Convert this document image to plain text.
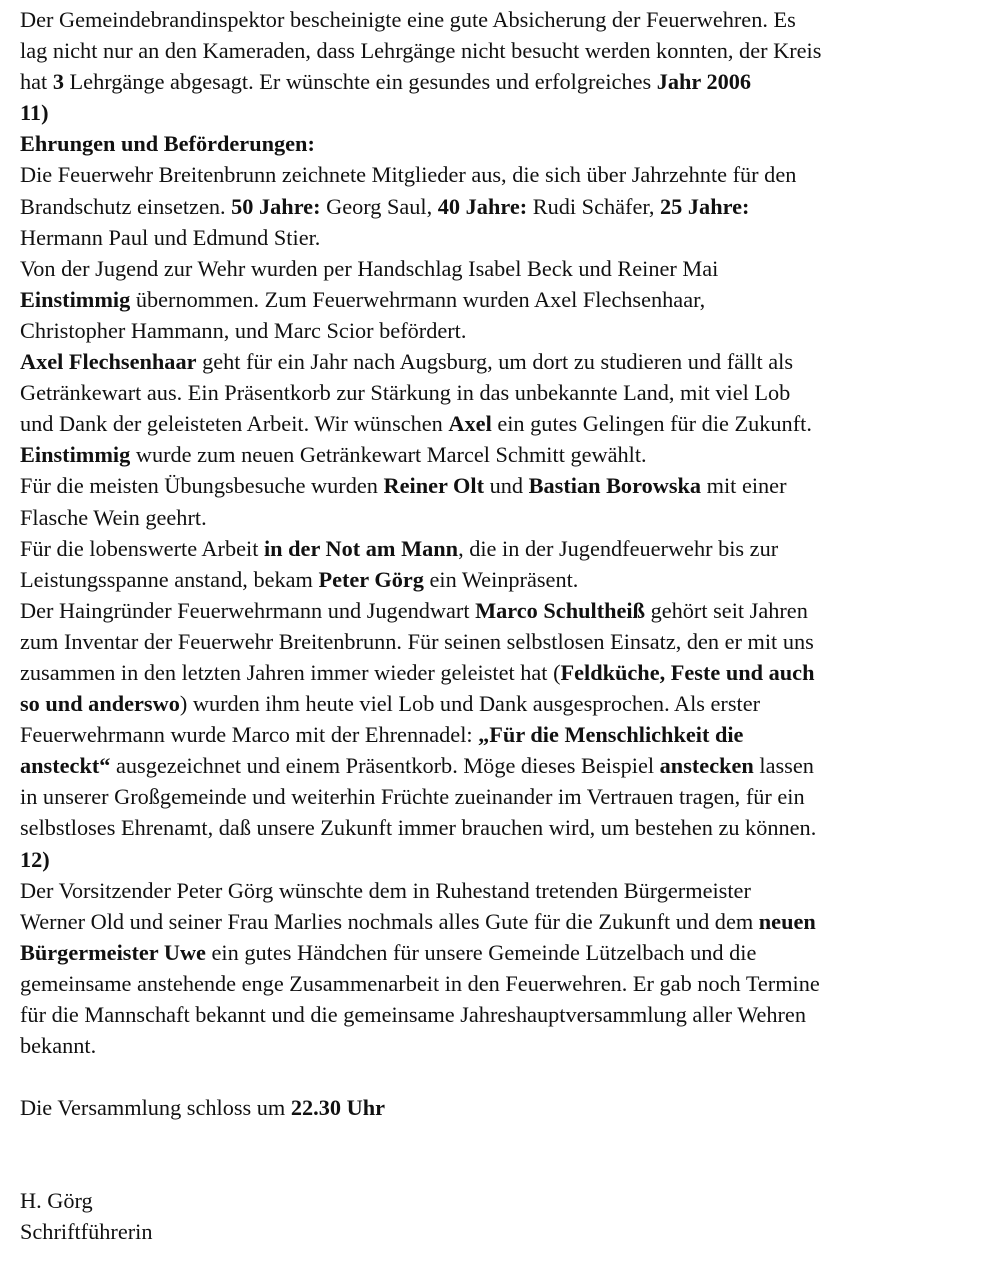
Der Gemeindebrandinspektor bescheinigte eine gute Absicherung der Feuerwehren. Es
lag nicht nur an den Kameraden, dass Lehrgänge nicht besucht werden konnten, der Kreis
hat 3 Lehrgänge abgesagt. Er wünschte ein gesundes und erfolgreiches Jahr 2006
11)
Ehrungen und Beförderungen:
Die Feuerwehr Breitenbrunn zeichnete Mitglieder aus, die sich über Jahrzehnte für den
Brandschutz einsetzen. 50 Jahre: Georg Saul, 40 Jahre: Rudi Schäfer, 25 Jahre:
Hermann Paul und Edmund Stier.
Von der Jugend zur Wehr wurden per Handschlag Isabel Beck und Reiner Mai
Einstimmig übernommen. Zum Feuerwehrmann wurden Axel Flechsenhaar,
Christopher Hammann, und Marc Scior befördert.
Axel Flechsenhaar geht für ein Jahr nach Augsburg, um dort zu studieren und fällt als
Getränkewart aus. Ein Präsentkorb zur Stärkung in das unbekannte Land, mit viel Lob
und Dank der geleisteten Arbeit. Wir wünschen Axel ein gutes Gelingen für die Zukunft.
Einstimmig wurde zum neuen Getränkewart Marcel Schmitt gewählt.
Für die meisten Übungsbesuche wurden Reiner Olt und Bastian Borowska mit einer
Flasche Wein geehrt.
Für die lobenswerte Arbeit in der Not am Mann, die in der Jugendfeuerwehr bis zur
Leistungsspanne anstand, bekam Peter Görg ein Weinpräsent.
Der Haingründer Feuerwehrmann und Jugendwart Marco Schultheiß gehört seit Jahren
zum Inventar der Feuerwehr Breitenbrunn. Für seinen selbstlosen Einsatz, den er mit uns
zusammen in den letzten Jahren immer wieder geleistet hat (Feldküche, Feste und auch
so und anderswo) wurden ihm heute viel Lob und Dank ausgesprochen. Als erster
Feuerwehrmann wurde Marco mit der Ehrennadel: „Für die Menschlichkeit die
ansteckt“ ausgezeichnet und einem Präsentkorb. Möge dieses Beispiel anstecken lassen
in unserer Großgemeinde und weiterhin Früchte zueinander im Vertrauen tragen, für ein
selbstloses Ehrenamt, daß unsere Zukunft immer brauchen wird, um bestehen zu können.
12)
Der Vorsitzender Peter Görg wünschte dem in Ruhestand tretenden Bürgermeister
Werner Old und seiner Frau Marlies nochmals alles Gute für die Zukunft und dem neuen
Bürgermeister Uwe ein gutes Händchen für unsere Gemeinde Lützelbach und die
gemeinsame anstehende enge Zusammenarbeit in den Feuerwehren. Er gab noch Termine
für die Mannschaft bekannt und die gemeinsame Jahreshauptversammlung aller Wehren
bekannt.
Die Versammlung schloss um 22.30 Uhr
H. Görg
Schriftführerin
